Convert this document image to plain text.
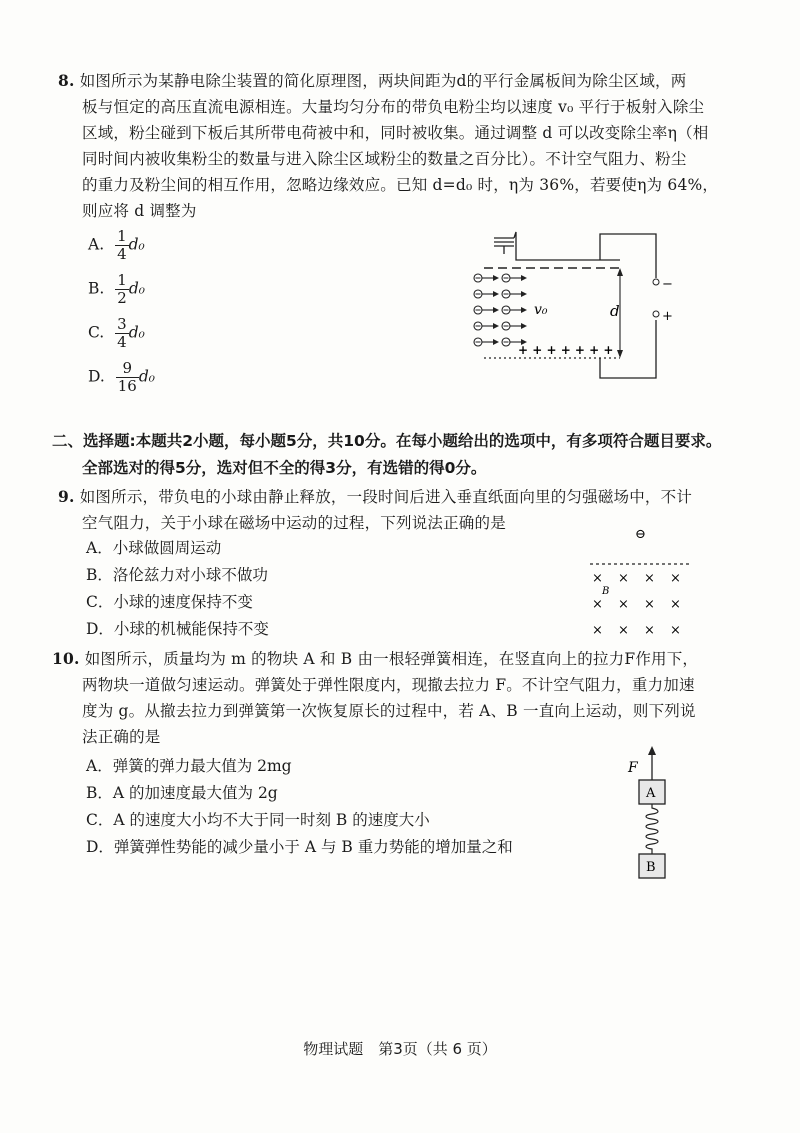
8. 如图所示为某静电除尘装置的简化原理图，两块间距为d的平行金属板间为除尘区域，两
板与恒定的高压直流电源相连。大量均匀分布的带负电粉尘均以速度 v₀ 平行于板射入除尘
区域，粉尘碰到下板后其所带电荷被中和，同时被收集。通过调整 d 可以改变除尘率η（相
同时间内被收集粉尘的数量与进入除尘区域粉尘的数量之百分比）。不计空气阻力、粉尘
的重力及粉尘间的相互作用，忽略边缘效应。已知 d=d₀ 时，η为 36%，若要使η为 64%，
则应将 d 调整为
A. $\frac{1}{4} d_0$
B. $\frac{1}{2} d_0$
C. $\frac{3}{4} d_0$
D. $\frac{9}{16} d_0$
−
+
+ + + + + + +
d
v₀
二、选择题:本题共2小题，每小题5分，共10分。在每小题给出的选项中，有多项符合题目要求。
全部选对的得5分，选对但不全的得3分，有选错的得0分。
9. 如图所示，带负电的小球由静止释放，一段时间后进入垂直纸面向里的匀强磁场中，不计
空气阻力，关于小球在磁场中运动的过程，下列说法正确的是
A．小球做圆周运动
B．洛伦兹力对小球不做功
C．小球的速度保持不变
D．小球的机械能保持不变
⊖
× × × ×
× × × ×
× × × ×
B
10. 如图所示，质量均为 m 的物块 A 和 B 由一根轻弹簧相连，在竖直向上的拉力F作用下，
两物块一道做匀速运动。弹簧处于弹性限度内，现撤去拉力 F。不计空气阻力，重力加速
度为 g。从撤去拉力到弹簧第一次恢复原长的过程中，若 A、B 一直向上运动，则下列说
法正确的是
A．弹簧的弹力最大值为 2mg
B．A 的加速度最大值为 2g
C．A 的速度大小均不大于同一时刻 B 的速度大小
D．弹簧弹性势能的减少量小于 A 与 B 重力势能的增加量之和
F
A
B
物理试题　第3页（共 6 页）
